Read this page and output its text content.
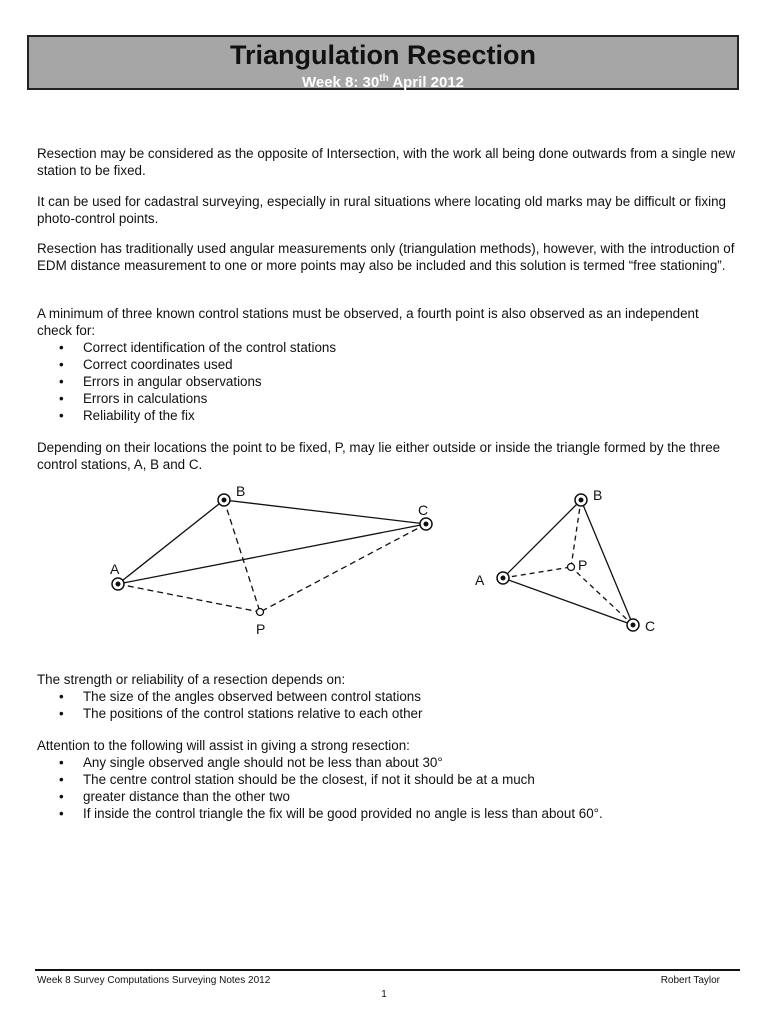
Triangulation Resection
Week 8: 30th April 2012

Resection may be considered as the opposite of Intersection, with the work all being done outwards from a single new station to be fixed.

It can be used for cadastral surveying, especially in rural situations where locating old marks may be difficult or fixing photo-control points.

Resection has traditionally used angular measurements only (triangulation methods), however, with the introduction of EDM distance measurement to one or more points may also be included and this solution is termed “free stationing”.

A minimum of three known control stations must be observed, a fourth point is also observed as an independent check for:

• Correct identification of the control stations
• Correct coordinates used
• Errors in angular observations
• Errors in calculations
• Reliability of the fix

Depending on their locations the point to be fixed, P, may lie either outside or inside the triangle formed by the three control stations, A, B and C.

A
B
C
P
A
B
C
P

The strength or reliability of a resection depends on:

• The size of the angles observed between control stations
• The positions of the control stations relative to each other

Attention to the following will assist in giving a strong resection:

• Any single observed angle should not be less than about 30°
• The centre control station should be the closest, if not it should be at a much
• greater distance than the other two
• If inside the control triangle the fix will be good provided no angle is less than about 60°.
Week 8 Survey Computations Surveying Notes 2012	Robert Taylor
1
